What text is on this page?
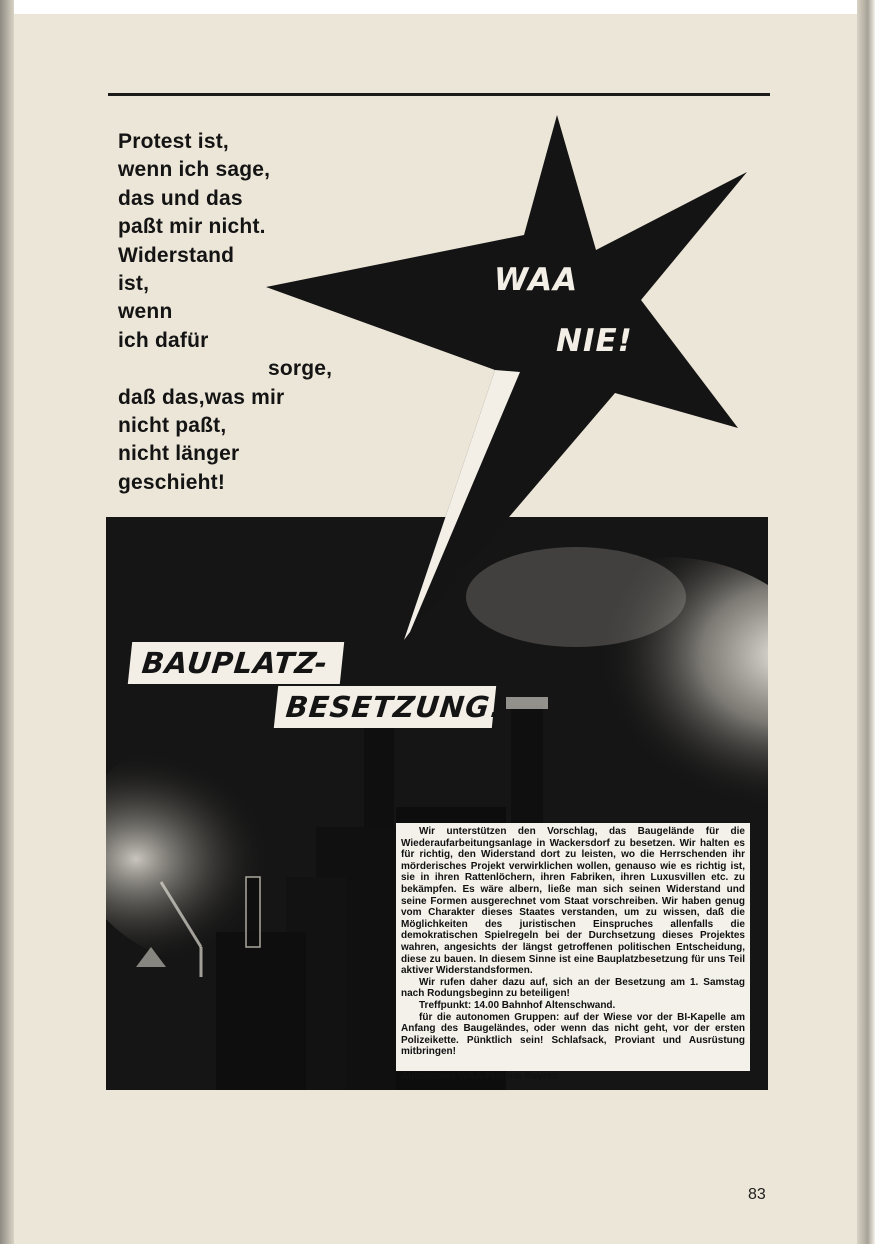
WAA
NIE!
Protest ist,
wenn ich sage,
das und das
paßt mir nicht.
Widerstand
ist,
wenn
ich dafür
sorge,
daß das,was mir
nicht paßt,
nicht länger
geschieht!
BAUPLATZ-
BESETZUNG!

Wir unterstützen den Vorschlag, das Baugelände für die Wiederaufarbeitungsanlage in Wackersdorf zu besetzen. Wir halten es für richtig, den Widerstand dort zu leisten, wo die Herrschenden ihr mörderisches Projekt verwirklichen wollen, genauso wie es richtig ist, sie in ihren Rattenlöchern, ihren Fabriken, ihren Luxusvillen etc. zu bekämpfen. Es wäre albern, ließe man sich seinen Widerstand und seine Formen ausgerechnet vom Staat vorschreiben. Wir haben genug vom Charakter dieses Staates verstanden, um zu wissen, daß die Möglichkeiten des juristischen Einspruches allenfalls die demokratischen Spielregeln bei der Durchsetzung dieses Projektes wahren, angesichts der längst getroffenen politischen Entscheidung, diese zu bauen. In diesem Sinne ist eine Bauplatzbesetzung für uns Teil aktiver Widerstandsformen.

Wir rufen daher dazu auf, sich an der Besetzung am 1. Samstag nach Rodungsbeginn zu beteiligen!

Treffpunkt: 14.00 Bahnhof Altenschwand.

für die autonomen Gruppen: auf der Wiese vor der BI-Kapelle am Anfang des Baugeländes, oder wenn das nicht geht, vor der ersten Polizeikette. Pünktlich sein! Schlafsack, Proviant und Ausrüstung mitbringen!

Autonomes WAA-Plenum Bayern

83
